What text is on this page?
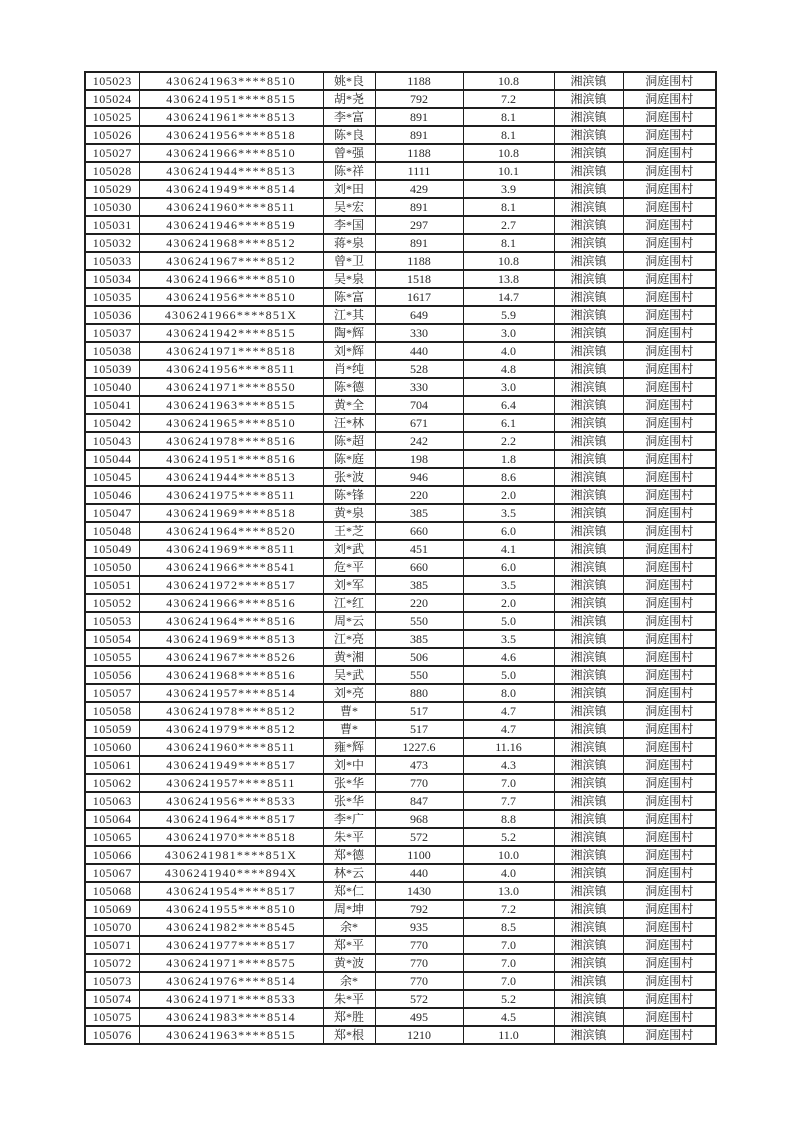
105023	4306241963****8510	姚*良	1188	10.8	湘滨镇	洞庭围村
105024	4306241951****8515	胡*尧	792	7.2	湘滨镇	洞庭围村
105025	4306241961****8513	李*富	891	8.1	湘滨镇	洞庭围村
105026	4306241956****8518	陈*良	891	8.1	湘滨镇	洞庭围村
105027	4306241966****8510	曾*强	1188	10.8	湘滨镇	洞庭围村
105028	4306241944****8513	陈*祥	1111	10.1	湘滨镇	洞庭围村
105029	4306241949****8514	刘*田	429	3.9	湘滨镇	洞庭围村
105030	4306241960****8511	吴*宏	891	8.1	湘滨镇	洞庭围村
105031	4306241946****8519	李*国	297	2.7	湘滨镇	洞庭围村
105032	4306241968****8512	蒋*泉	891	8.1	湘滨镇	洞庭围村
105033	4306241967****8512	曾*卫	1188	10.8	湘滨镇	洞庭围村
105034	4306241966****8510	吴*泉	1518	13.8	湘滨镇	洞庭围村
105035	4306241956****8510	陈*富	1617	14.7	湘滨镇	洞庭围村
105036	4306241966****851X	江*其	649	5.9	湘滨镇	洞庭围村
105037	4306241942****8515	陶*辉	330	3.0	湘滨镇	洞庭围村
105038	4306241971****8518	刘*辉	440	4.0	湘滨镇	洞庭围村
105039	4306241956****8511	肖*纯	528	4.8	湘滨镇	洞庭围村
105040	4306241971****8550	陈*德	330	3.0	湘滨镇	洞庭围村
105041	4306241963****8515	黄*全	704	6.4	湘滨镇	洞庭围村
105042	4306241965****8510	汪*林	671	6.1	湘滨镇	洞庭围村
105043	4306241978****8516	陈*超	242	2.2	湘滨镇	洞庭围村
105044	4306241951****8516	陈*庭	198	1.8	湘滨镇	洞庭围村
105045	4306241944****8513	张*波	946	8.6	湘滨镇	洞庭围村
105046	4306241975****8511	陈*锋	220	2.0	湘滨镇	洞庭围村
105047	4306241969****8518	黄*泉	385	3.5	湘滨镇	洞庭围村
105048	4306241964****8520	王*芝	660	6.0	湘滨镇	洞庭围村
105049	4306241969****8511	刘*武	451	4.1	湘滨镇	洞庭围村
105050	4306241966****8541	危*平	660	6.0	湘滨镇	洞庭围村
105051	4306241972****8517	刘*军	385	3.5	湘滨镇	洞庭围村
105052	4306241966****8516	江*红	220	2.0	湘滨镇	洞庭围村
105053	4306241964****8516	周*云	550	5.0	湘滨镇	洞庭围村
105054	4306241969****8513	江*亮	385	3.5	湘滨镇	洞庭围村
105055	4306241967****8526	黄*湘	506	4.6	湘滨镇	洞庭围村
105056	4306241968****8516	吴*武	550	5.0	湘滨镇	洞庭围村
105057	4306241957****8514	刘*亮	880	8.0	湘滨镇	洞庭围村
105058	4306241978****8512	曹*	517	4.7	湘滨镇	洞庭围村
105059	4306241979****8512	曹*	517	4.7	湘滨镇	洞庭围村
105060	4306241960****8511	雍*辉	1227.6	11.16	湘滨镇	洞庭围村
105061	4306241949****8517	刘*中	473	4.3	湘滨镇	洞庭围村
105062	4306241957****8511	张*华	770	7.0	湘滨镇	洞庭围村
105063	4306241956****8533	张*华	847	7.7	湘滨镇	洞庭围村
105064	4306241964****8517	李*广	968	8.8	湘滨镇	洞庭围村
105065	4306241970****8518	朱*平	572	5.2	湘滨镇	洞庭围村
105066	4306241981****851X	郑*德	1100	10.0	湘滨镇	洞庭围村
105067	4306241940****894X	林*云	440	4.0	湘滨镇	洞庭围村
105068	4306241954****8517	郑*仁	1430	13.0	湘滨镇	洞庭围村
105069	4306241955****8510	周*坤	792	7.2	湘滨镇	洞庭围村
105070	4306241982****8545	余*	935	8.5	湘滨镇	洞庭围村
105071	4306241977****8517	郑*平	770	7.0	湘滨镇	洞庭围村
105072	4306241971****8575	黄*波	770	7.0	湘滨镇	洞庭围村
105073	4306241976****8514	余*	770	7.0	湘滨镇	洞庭围村
105074	4306241971****8533	朱*平	572	5.2	湘滨镇	洞庭围村
105075	4306241983****8514	郑*胜	495	4.5	湘滨镇	洞庭围村
105076	4306241963****8515	郑*根	1210	11.0	湘滨镇	洞庭围村
